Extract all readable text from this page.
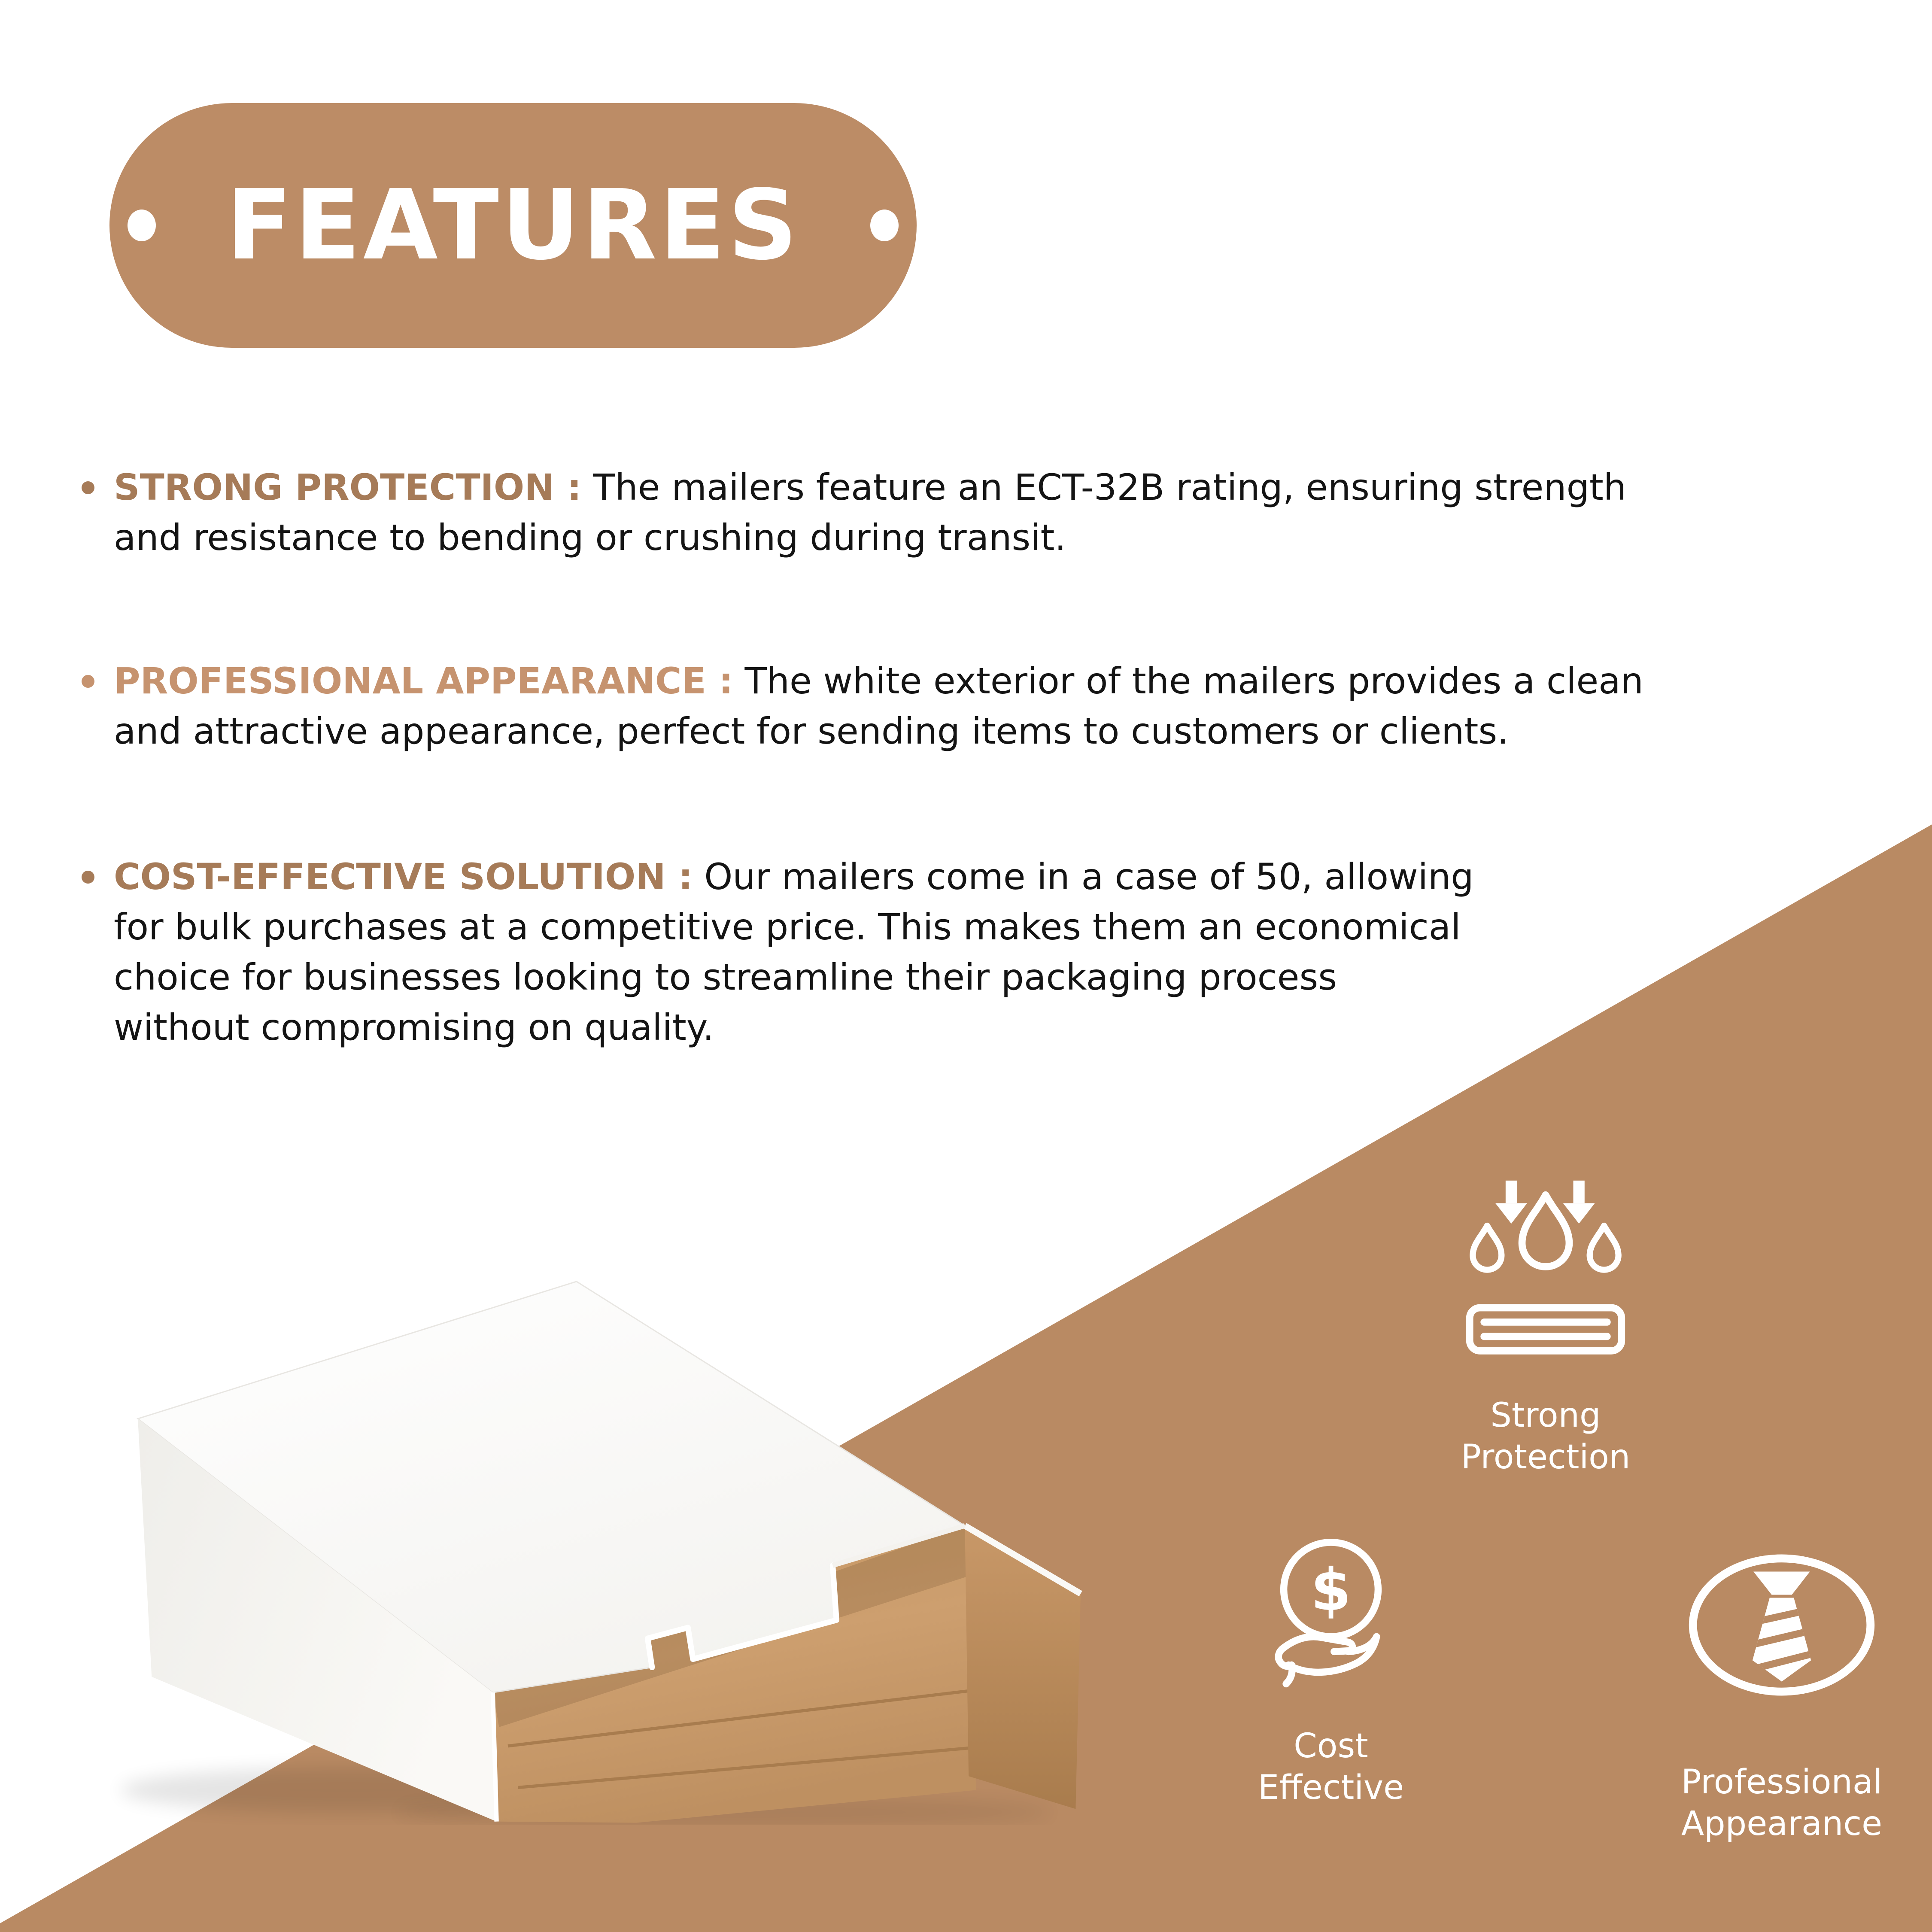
FEATURES
STRONG PROTECTION : The mailers feature an ECT-32B rating, ensuring strength
and resistance to bending or crushing during transit.
PROFESSIONAL APPEARANCE : The white exterior of the mailers provides a clean
and attractive appearance, perfect for sending items to customers or clients.
COST-EFFECTIVE SOLUTION : Our mailers come in a case of 50, allowing
for bulk purchases at a competitive price. This makes them an economical
choice for businesses looking to streamline their packaging process
without compromising on quality.
Strong
Protection
$
Cost
Effective	Professional
Appearance
